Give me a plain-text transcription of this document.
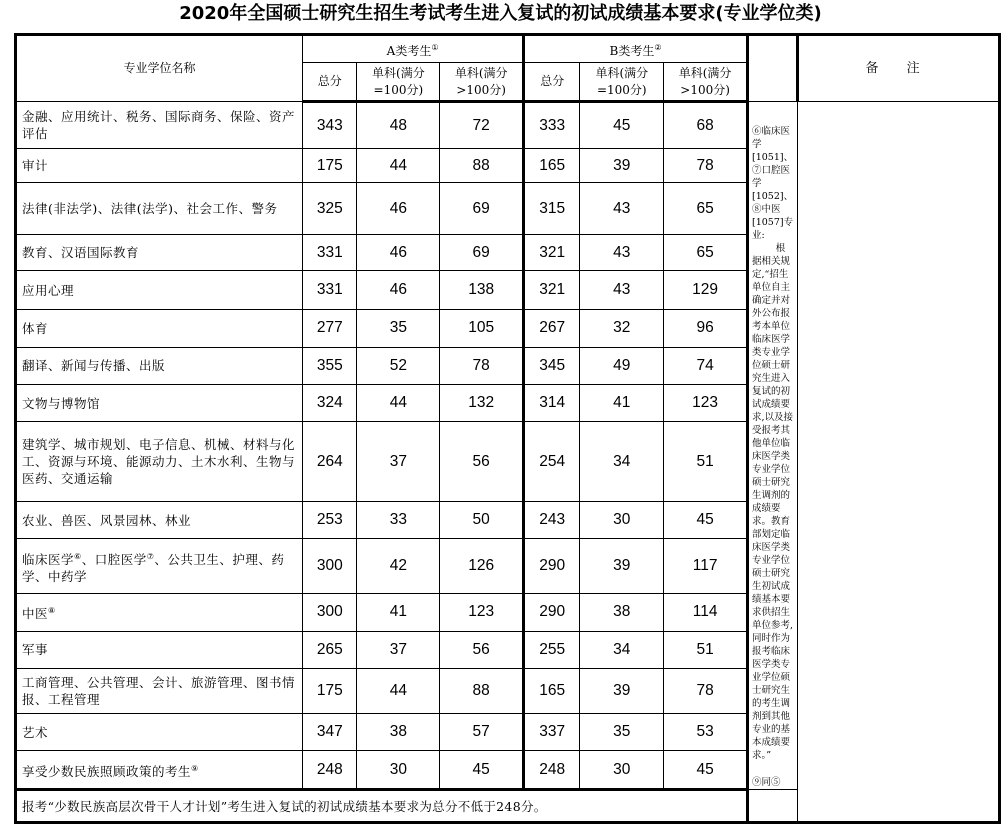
2020年全国硕士研究生招生考试考生进入复试的初试成绩基本要求(专业学位类)
专业学位名称	A类考生①			B类考生②				备 注
	总分	单科(满分=100分)	单科(满分>100分)	总分	单科(满分=100分)	单科(满分>100分)		
金融、应用统计、税务、国际商务、保险、资产评估	343	48	72	333	45	68	⑥临床医学[1051]、⑦口腔医学[1052]、⑧中医[1057]专业:

根据相关规定,“招生单位自主确定并对外公布报考本单位临床医学类专业学位硕士研究生进入复试的初试成绩要求,以及接受报考其他单位临床医学类专业学位硕士研究生调剂的成绩要求。教育部划定临床医学类专业学位硕士研究生初试成绩基本要求供招生单位参考,同时作为报考临床医学类专业学位硕士研究生的考生调剂到其他专业的基本成绩要求。”

⑨同⑤	

审计	175	44	88	165	39	78		
法律(非法学)、法律(法学)、社会工作、警务	325	46	69	315	43	65		
教育、汉语国际教育	331	46	69	321	43	65		
应用心理	331	46	138	321	43	129		
体育	277	35	105	267	32	96		
翻译、新闻与传播、出版	355	52	78	345	49	74		
文物与博物馆	324	44	132	314	41	123		
建筑学、城市规划、电子信息、机械、材料与化工、资源与环境、能源动力、土木水利、生物与医药、交通运输	264	37	56	254	34	51		
农业、兽医、风景园林、林业	253	33	50	243	30	45		
临床医学⑥、口腔医学⑦、公共卫生、护理、药学、中药学	300	42	126	290	39	117		
中医⑧	300	41	123	290	38	114		
军事	265	37	56	255	34	51		
工商管理、公共管理、会计、旅游管理、图书情报、工程管理	175	44	88	165	39	78		
艺术	347	38	57	337	35	53		
享受少数民族照顾政策的考生⑨	248	30	45	248	30	45		
报考“少数民族高层次骨干人才计划”考生进入复试的初试成绩基本要求为总分不低于248分。								
